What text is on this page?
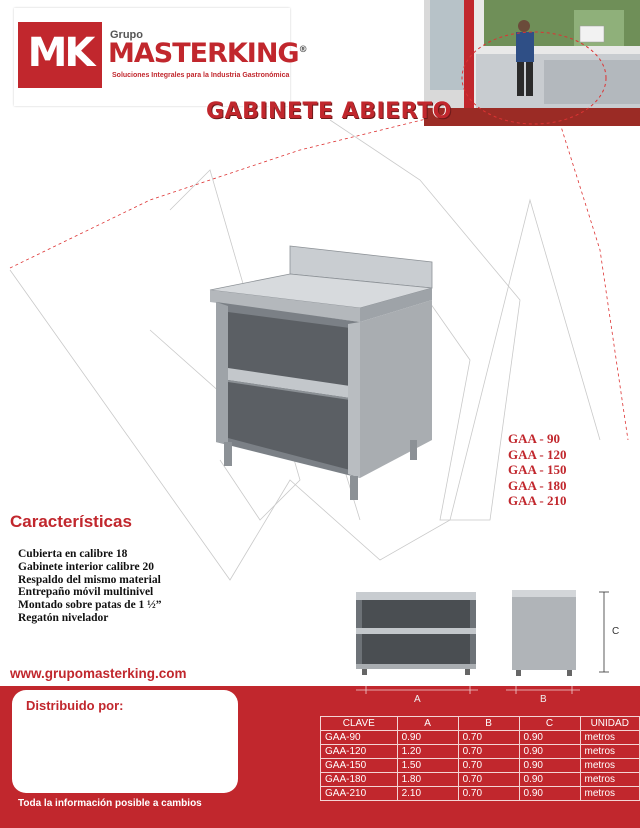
MK	Grupo
MASTERKING®
Soluciones Integrales para la Industria Gastronómica
GABINETE ABIERTO
GAA - 90
GAA - 120
GAA - 150
GAA - 180
GAA - 210
Características
Cubierta en calibre 18
Gabinete interior calibre 20
Respaldo del mismo material
Entrepaño móvil multinivel
Montado sobre patas de 1 ½”
Regatón nivelador
C
www.grupomasterking.com
A	B
Distribuido por:
Toda la información posible a cambios
CLAVE	A	B	C	UNIDAD
GAA-90	0.90	0.70	0.90	metros
GAA-120	1.20	0.70	0.90	metros
GAA-150	1.50	0.70	0.90	metros
GAA-180	1.80	0.70	0.90	metros
GAA-210	2.10	0.70	0.90	metros
